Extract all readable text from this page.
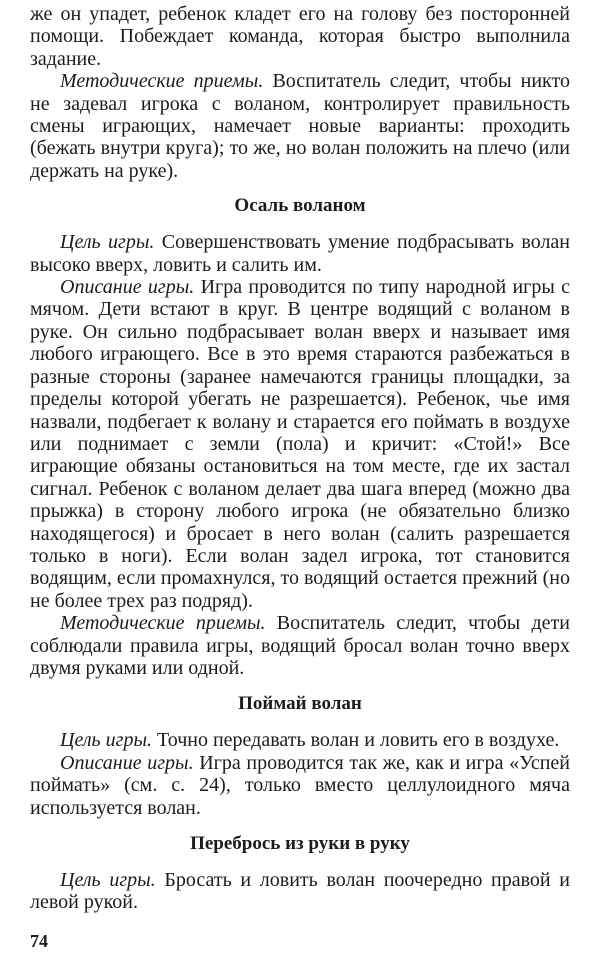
же он упадет, ребенок кладет его на голову без посторонней помощи. Побеждает команда, которая быстро выполнила задание.

Методические приемы. Воспитатель следит, чтобы никто не задевал игрока с воланом, контролирует правильность смены играющих, намечает новые варианты: проходить (бежать внутри круга); то же, но волан положить на плечо (или держать на руке).

Осаль воланом

Цель игры. Совершенствовать умение подбрасывать волан высоко вверх, ловить и салить им.

Описание игры. Игра проводится по типу народной игры с мячом. Дети встают в круг. В центре водящий с воланом в руке. Он сильно подбрасывает волан вверх и называет имя любого играющего. Все в это время стараются разбежаться в разные стороны (заранее намечаются границы площадки, за пределы которой убегать не разрешается). Ребенок, чье имя назвали, подбегает к волану и старается его поймать в воздухе или поднимает с земли (пола) и кричит: «Стой!» Все играющие обязаны остановиться на том месте, где их застал сигнал. Ребенок с воланом делает два шага вперед (можно два прыжка) в сторону любого игрока (не обязательно близко находящегося) и бросает в него волан (салить разрешается только в ноги). Если волан задел игрока, тот становится водящим, если промахнулся, то водящий остается прежний (но не более трех раз подряд).

Методические приемы. Воспитатель следит, чтобы дети соблюдали правила игры, водящий бросал волан точно вверх двумя руками или одной.

Поймай волан

Цель игры. Точно передавать волан и ловить его в воздухе.

Описание игры. Игра проводится так же, как и игра «Успей поймать» (см. с. 24), только вместо целлулоидного мяча используется волан.

Перебрось из руки в руку

Цель игры. Бросать и ловить волан поочередно правой и левой рукой.

74
